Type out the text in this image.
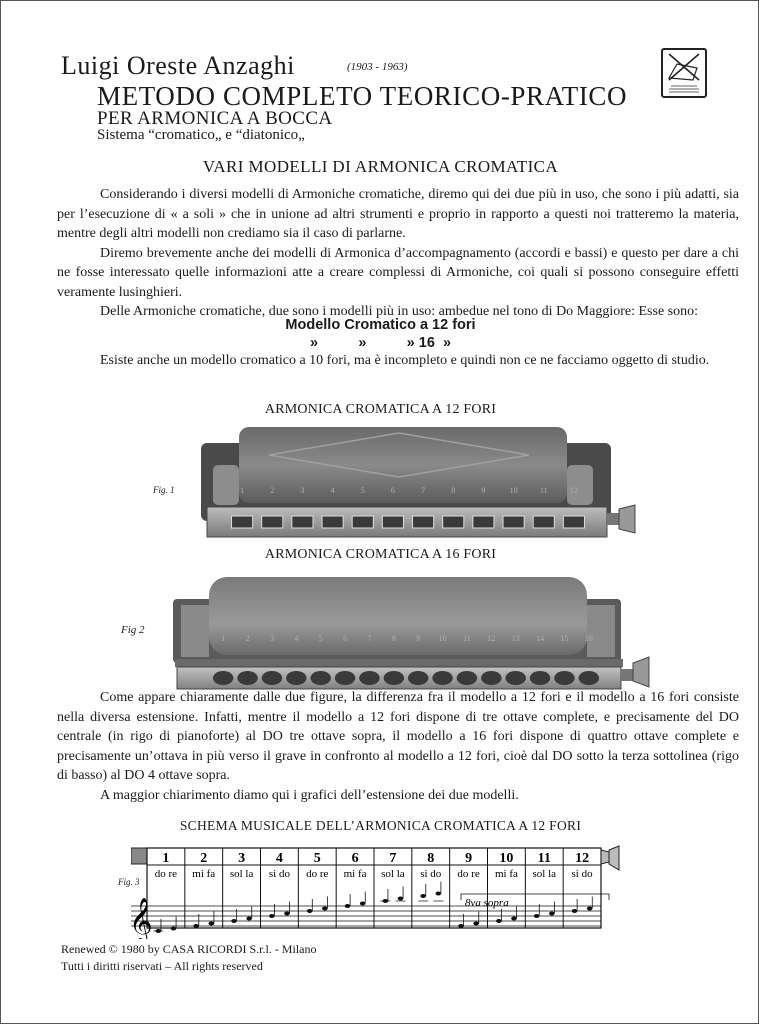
Luigi Oreste Anzaghi	(1903 - 1963)
METODO COMPLETO TEORICO-PRATICO
PER ARMONICA A BOCCA
Sistema “cromatico„ e “diatonico„
VARI MODELLI DI ARMONICA CROMATICA

Considerando i diversi modelli di Armoniche cromatiche, diremo qui dei due più in uso, che sono i più adatti, sia per l’esecuzione di « a soli » che in unione ad altri strumenti e proprio in rapporto a questi noi tratteremo la materia, mentre degli altri modelli non crediamo sia il caso di parlarne.

Diremo brevemente anche dei modelli di Armonica d’accompagnamento (accordi e bassi) e questo per dare a chi ne fosse interessato quelle informazioni atte a creare complessi di Armoniche, coi quali si possono conseguire effetti veramente lusinghieri.

Delle Armoniche cromatiche, due sono i modelli più in uso: ambedue nel tono di Do Maggiore: Esse sono:

Modello Cromatico a 12 fori
»          »          » 16  »

Esiste anche un modello cromatico a 10 fori, ma è incompleto e quindi non ce ne facciamo oggetto di studio.

ARMONICA CROMATICA A 12 FORI
Fig. 1	1	2	3	4	5	6	7	8	9	10	11	12
ARMONICA CROMATICA A 16 FORI
Fig 2
1	2	3	4	5	6	7	8	9 10 11 12 13 14 15 16

Come appare chiaramente dalle due figure, la differenza fra il modello a 12 fori e il modello a 16 fori consiste nella diversa estensione. Infatti, mentre il modello a 12 fori dispone di tre ottave complete, e precisamente del DO centrale (in rigo di pianoforte) al DO tre ottave sopra, il modello a 16 fori dispone di quattro ottave complete e precisamente un’ottava in più verso il grave in confronto al modello a 12 fori, cioè dal DO sotto la terza sottolinea (rigo di basso) al DO 4 ottave sopra.

A maggior chiarimento diamo qui i grafici dell’estensione dei due modelli.

SCHEMA MUSICALE DELL’ARMONICA CROMATICA A 12 FORI
Fig. 3
1
do re
2
mi fa
3
sol la
4
si do
5
do re
6
mi fa
7
sol la
8
si do
9
do re
10
mi fa
11
sol la
12
si do
𝄞	8va sopra
Renewed © 1980 by CASA RICORDI S.r.l. - Milano
Tutti i diritti riservati – All rights reserved
